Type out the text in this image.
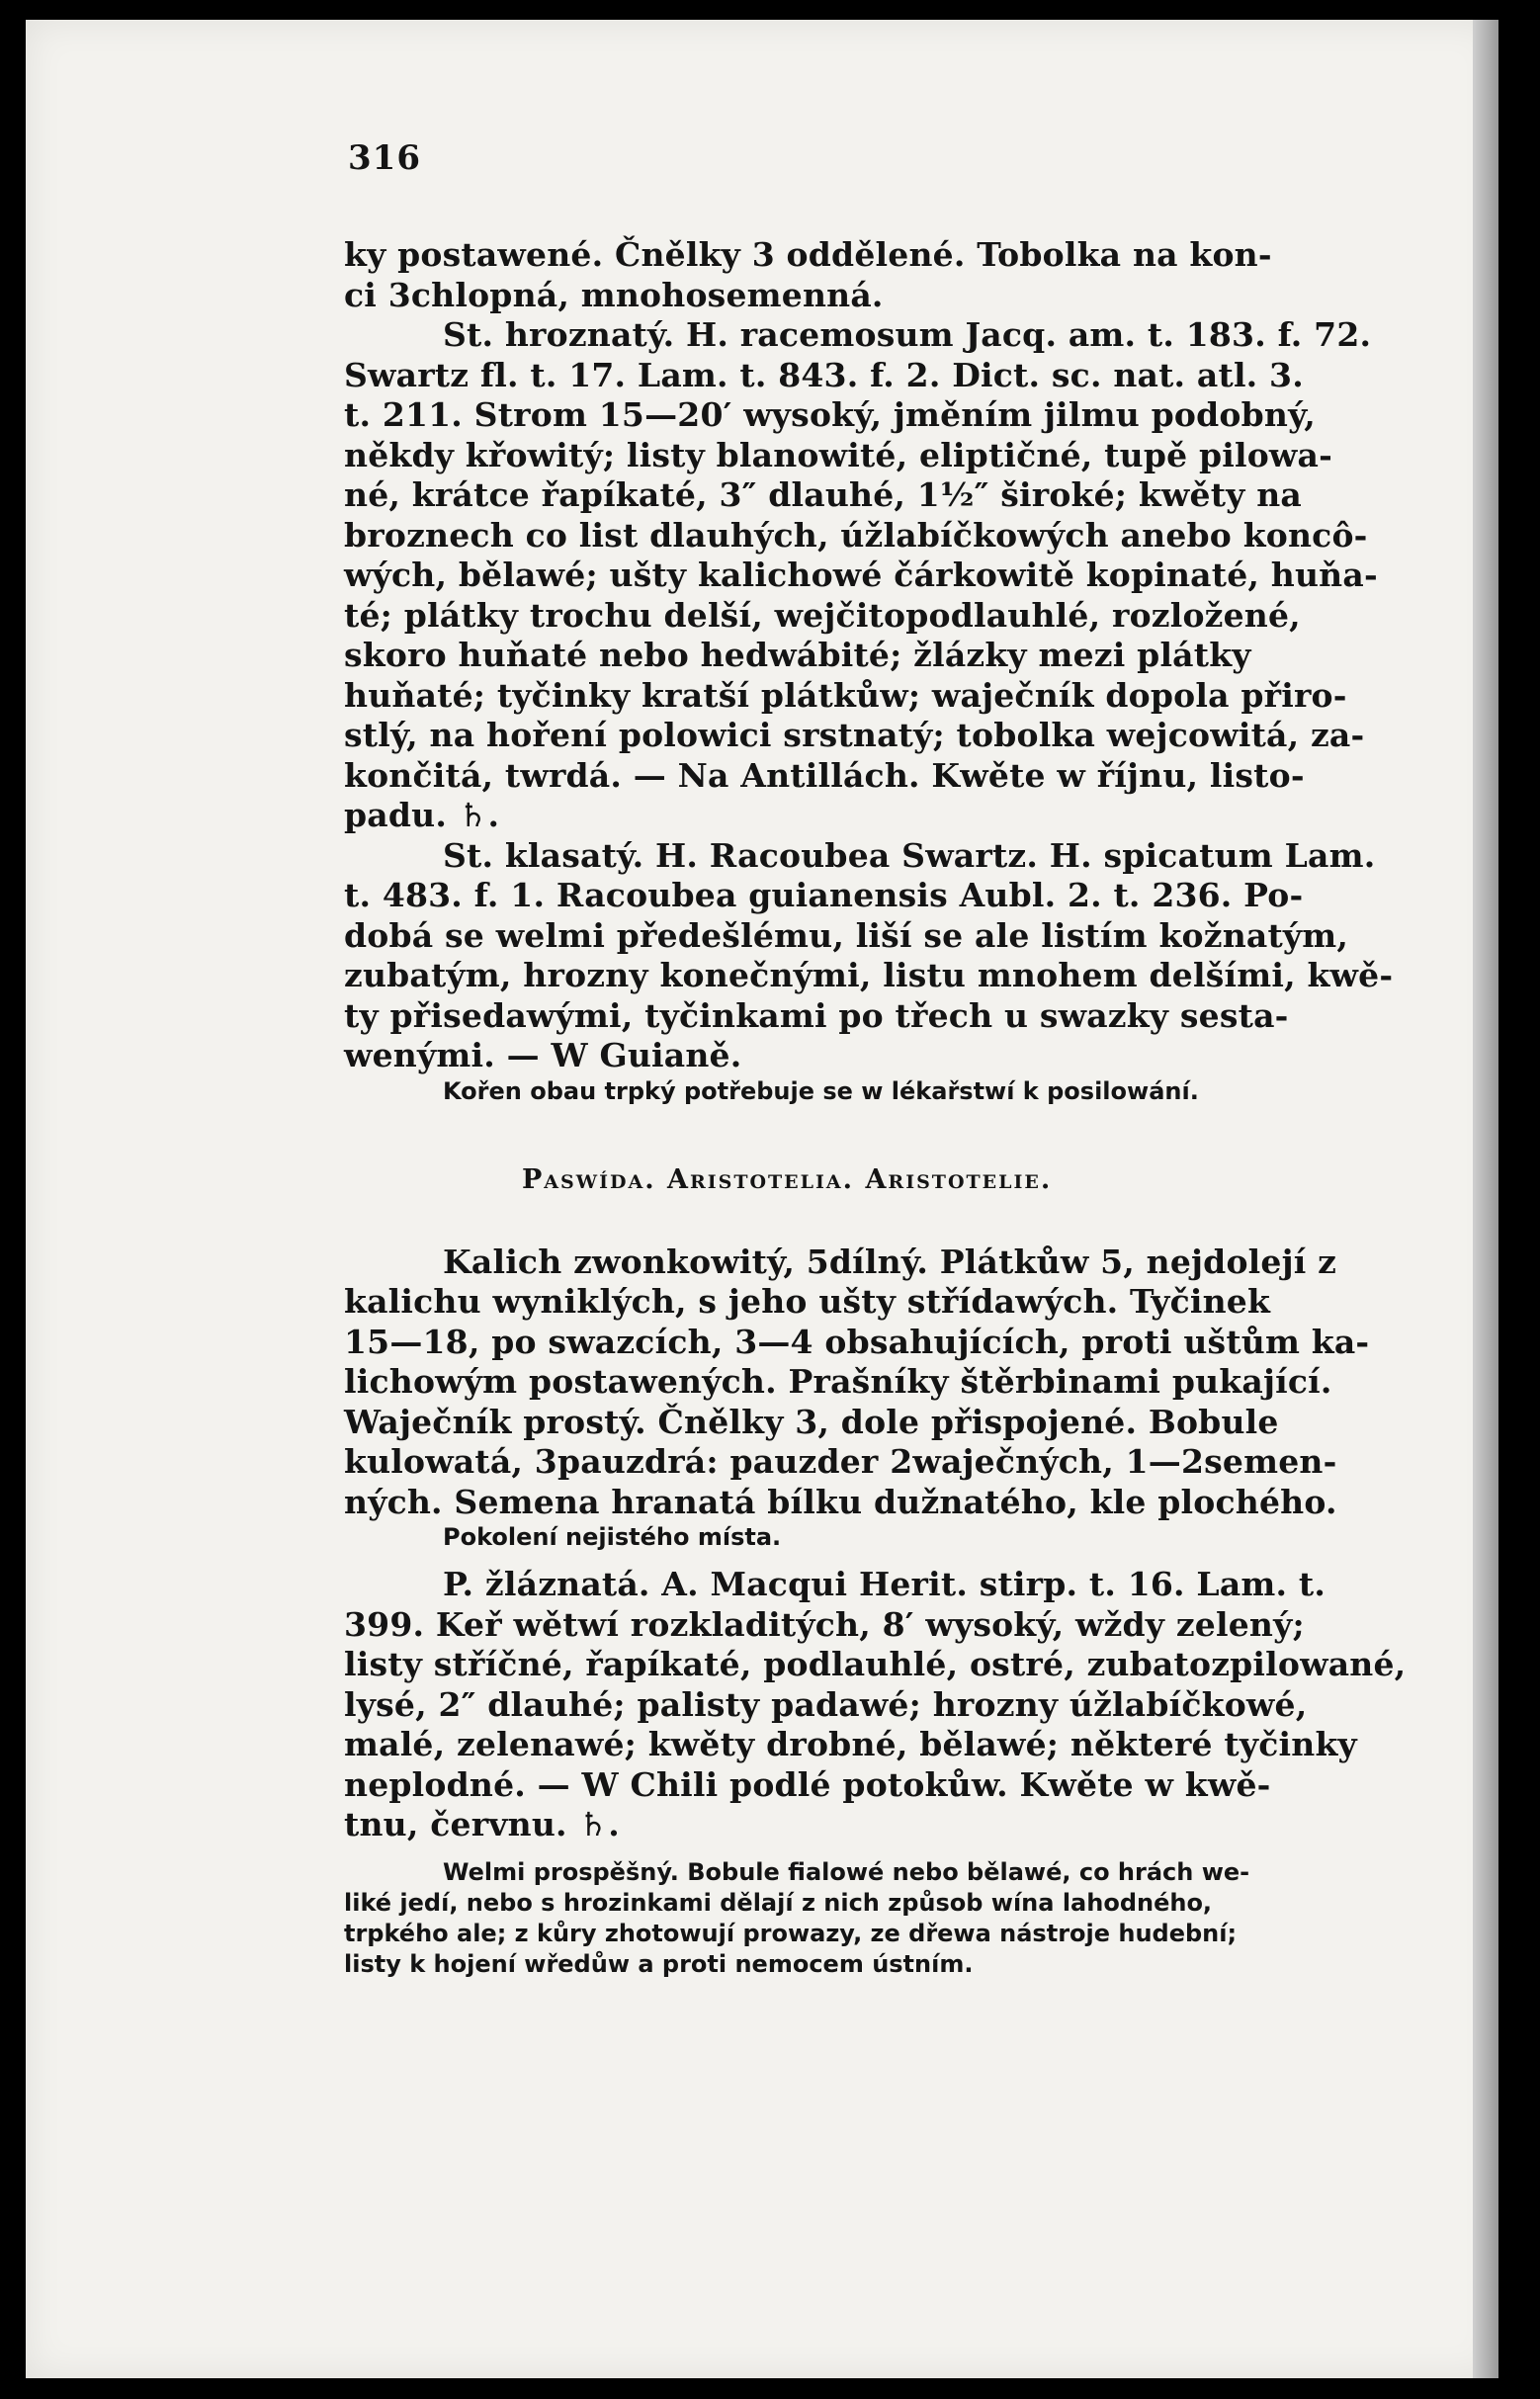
316
ky postawené. Čnělky 3 oddělené. Tobolka na kon-
ci 3chlopná, mnohosemenná.
St. hroznatý. H. racemosum Jacq. am. t. 183. f. 72.
Swartz fl. t. 17. Lam. t. 843. f. 2. Dict. sc. nat. atl. 3.
t. 211. Strom 15—20′ wysoký, jměním jilmu podobný,
někdy křowitý; listy blanowité, eliptičné, tupě pilowa-
né, krátce řapíkaté, 3″ dlauhé, 1½″ široké; kwěty na
broznech co list dlauhých, úžlabíčkowých anebo koncô-
wých, bělawé; ušty kalichowé čárkowitě kopinaté, huňa-
té; plátky trochu delší, wejčitopodlauhlé, rozložené,
skoro huňaté nebo hedwábité; žlázky mezi plátky
huňaté; tyčinky kratší plátkůw; waječník dopola přiro-
stlý, na hoření polowici srstnatý; tobolka wejcowitá, za-
končitá, twrdá. — Na Antillách. Kwěte w říjnu, listo-
padu. ♄.
St. klasatý. H. Racoubea Swartz. H. spicatum Lam.
t. 483. f. 1. Racoubea guianensis Aubl. 2. t. 236. Po-
dobá se welmi předešlému, liší se ale listím kožnatým,
zubatým, hrozny konečnými, listu mnohem delšími, kwě-
ty přisedawými, tyčinkami po třech u swazky sesta-
wenými. — W Guianě.
Kořen obau trpký potřebuje se w lékařstwí k posilowání.
Paswída. Aristotelia. Aristotelie.
Kalich zwonkowitý, 5dílný. Plátkůw 5, nejdolejí z
kalichu wyniklých, s jeho ušty střídawých. Tyčinek
15—18, po swazcích, 3—4 obsahujících, proti uštům ka-
lichowým postawených. Prašníky štěrbinami pukající.
Waječník prostý. Čnělky 3, dole přispojené. Bobule
kulowatá, 3pauzdrá: pauzder 2waječných, 1—2semen-
ných. Semena hranatá bílku dužnatého, kle plochého.
Pokolení nejistého místa.
P. žláznatá. A. Macqui Herit. stirp. t. 16. Lam. t.
399. Keř wětwí rozkladitých, 8′ wysoký, wždy zelený;
listy stříčné, řapíkaté, podlauhlé, ostré, zubatozpilowané,
lysé, 2″ dlauhé; palisty padawé; hrozny úžlabíčkowé,
malé, zelenawé; kwěty drobné, bělawé; některé tyčinky
neplodné. — W Chili podlé potokůw. Kwěte w kwě-
tnu, červnu. ♄.
Welmi prospěšný. Bobule fialowé nebo bělawé, co hrách we-
liké jedí, nebo s hrozinkami dělají z nich způsob wína lahodného,
trpkého ale; z kůry zhotowují prowazy, ze dřewa nástroje hudební;
listy k hojení wředůw a proti nemocem ústním.
